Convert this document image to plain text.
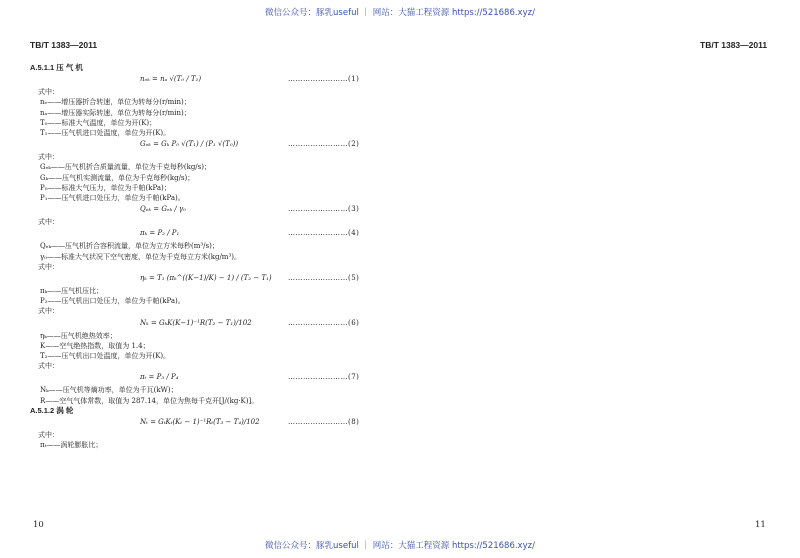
微信公众号：豚乳useful ｜ 网站：大猫工程资源 https://521686.xyz/
微信公众号：豚乳useful ｜ 网站：大猫工程资源 https://521686.xyz/
TB/T 1383—2011
10
A.5.1.1 压 气 机
nₑₖ = nₐ √(T₀ / T₁)	……………………(1)
式中：
nₑ——增压器折合转速，单位为转每分(r/min)；
nₐ——增压器实际转速，单位为转每分(r/min)；
T₀——标准大气温度，单位为开(K)；
T₁——压气机进口处温度，单位为开(K)。
Gₑₖ = Gₖ P₀ √(T₁) / (P₁ √(T₀))	……………………(2)
式中：
Gₑₖ——压气机折合质量流量，单位为千克每秒(kg/s)；
Gₖ——压气机实测流量，单位为千克每秒(kg/s)；
P₀——标准大气压力，单位为千帕(kPa)；
P₁——压气机进口处压力，单位为千帕(kPa)。
Qₑₖ = Gₑₖ / γ₀	……………………(3)
式中：
πₖ = P₂ / P₁	……………………(4)
Qₑₖ——压气机折合容积流量，单位为立方米每秒(m³/s)；
γ₀——标准大气状况下空气密度，单位为千克每立方米(kg/m³)。
式中：
ηₖ = T₁ (πₖ^((K−1)/K) − 1) / (T₂ − T₁) ……………………(5)
πₖ——压气机压比；
P₂——压气机出口处压力，单位为千帕(kPa)。
式中：
Nₖ = GₖK(K−1)⁻¹R(T₂ − T₁)/102	……………………(6)
ηₖ——压气机绝热效率；
K——空气绝热指数，取值为 1.4；
T₂——压气机出口处温度，单位为开(K)。
式中：
πₜ = P₃ / P₄	……………………(7)
Nₖ——压气机等熵功率，单位为千瓦(kW)；
R——空气气体常数，取值为 287.14，单位为焦每千克开[J/(kg·K)]。
A.5.1.2 涡 轮
Nₜ = GₜKₜ(Kₜ − 1)⁻¹Rₜ(T₃ − T₄)/102	……………………(8)
式中：
πₜ——涡轮膨胀比；
TB/T 1383—2011
11
